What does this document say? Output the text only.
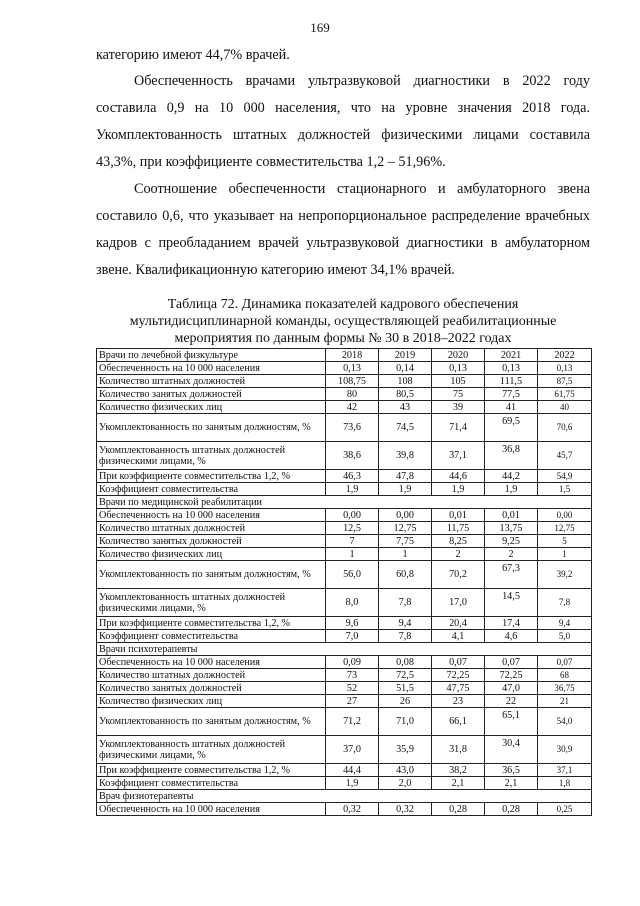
169

категорию имеют 44,7% врачей.

Обеспеченность врачами ультразвуковой диагностики в 2022 году составила 0,9 на 10 000 населения, что на уровне значения 2018 года. Укомплектованность штатных должностей физическими лицами составила 43,3%, при коэффициенте совместительства 1,2 – 51,96%.

Соотношение обеспеченности стационарного и амбулаторного звена составило 0,6, что указывает на непропорциональное распределение врачебных кадров с преобладанием врачей ультразвуковой диагностики в амбулаторном звене. Квалификационную категорию имеют 34,1% врачей.

Таблица 72. Динамика показателей кадрового обеспечения мультидисциплинарной команды, осуществляющей реабилитационные мероприятия по данным формы № 30 в 2018–2022 годах

Врачи по лечебной физкультуре	2018	2019	2020	2021	2022
Обеспеченность на 10 000 населения	0,13	0,14	0,13	0,13	0,13
Количество штатных должностей	108,75	108	105	111,5	87,5
Количество занятых должностей	80	80,5	75	77,5	61,75
Количество физических лиц	42	43	39	41	40
Укомплектованность по занятым должностям, %	73,6	74,5	71,4	69,5	70,6
Укомплектованность штатных должностей физическими лицами, %	38,6	39,8	37,1	36,8	45,7
При коэффициенте совместительства 1,2, %	46,3	47,8	44,6	44,2	54,9
Коэффициент совместительства	1,9	1,9	1,9	1,9	1,5
Врачи по медицинской реабилитации					
Обеспеченность на 10 000 населения	0,00	0,00	0,01	0,01	0,00
Количество штатных должностей	12,5	12,75	11,75	13,75	12,75
Количество занятых должностей	7	7,75	8,25	9,25	5
Количество физических лиц	1	1	2	2	1
Укомплектованность по занятым должностям, %	56,0	60,8	70,2	67,3	39,2
Укомплектованность штатных должностей физическими лицами, %	8,0	7,8	17,0	14,5	7,8
При коэффициенте совместительства 1,2, %	9,6	9,4	20,4	17,4	9,4
Коэффициент совместительства	7,0	7,8	4,1	4,6	5,0
Врачи психотерапевты					
Обеспеченность на 10 000 населения	0,09	0,08	0,07	0,07	0,07
Количество штатных должностей	73	72,5	72,25	72,25	68
Количество занятых должностей	52	51,5	47,75	47,0	36,75
Количество физических лиц	27	26	23	22	21
Укомплектованность по занятым должностям, %	71,2	71,0	66,1	65,1	54,0
Укомплектованность штатных должностей физическими лицами, %	37,0	35,9	31,8	30,4	30,9
При коэффициенте совместительства 1,2, %	44,4	43,0	38,2	36,5	37,1
Коэффициент совместительства	1,9	2,0	2,1	2,1	1,8
Врач физиотерапевты					
Обеспеченность на 10 000 населения	0,32	0,32	0,28	0,28	0,25
